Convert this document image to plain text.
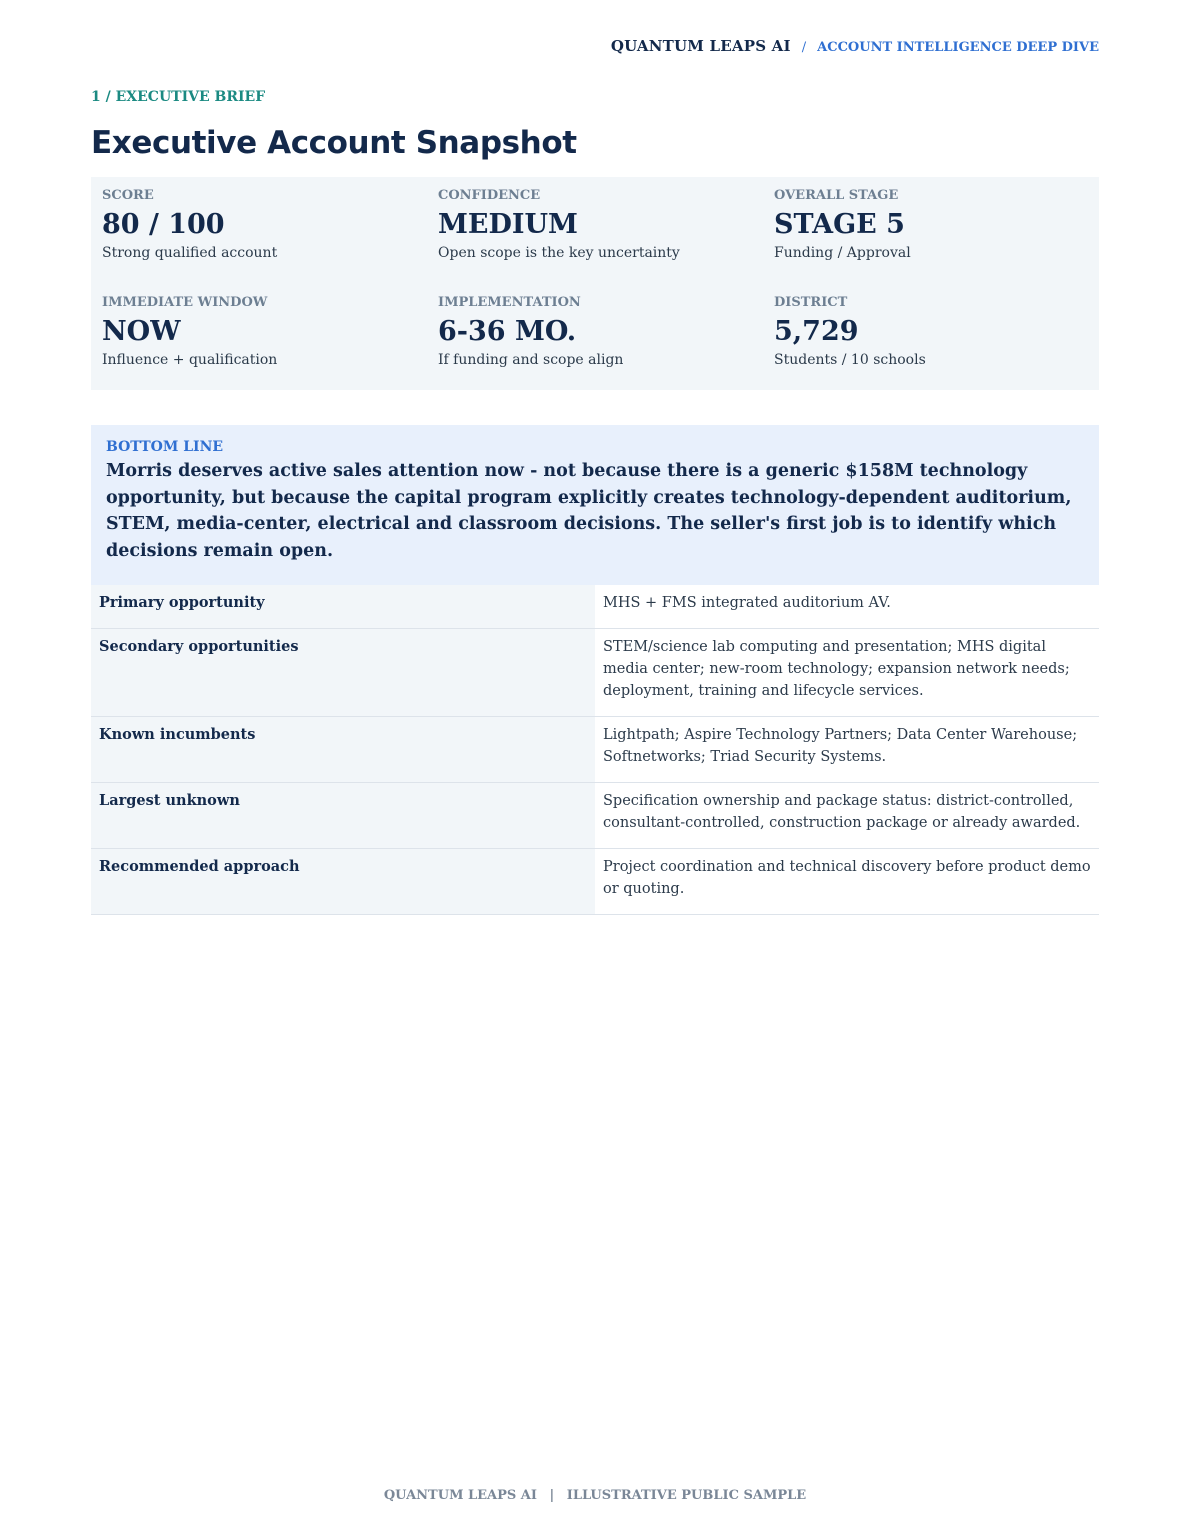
QUANTUM LEAPS AI / ACCOUNT INTELLIGENCE DEEP DIVE
1 / EXECUTIVE BRIEF
Executive Account Snapshot
SCORE
80 / 100
Strong qualified account
CONFIDENCE
MEDIUM
Open scope is the key uncertainty
OVERALL STAGE
STAGE 5
Funding / Approval
IMMEDIATE WINDOW
NOW
Influence + qualification
IMPLEMENTATION
6-36 MO.
If funding and scope align
DISTRICT
5,729
Students / 10 schools
BOTTOM LINE
Morris deserves active sales attention now - not because there is a generic $158M technology opportunity, but because the capital program explicitly creates technology-dependent auditorium, STEM, media-center, electrical and classroom decisions. The seller's first job is to identify which decisions remain open.
Primary opportunity	MHS + FMS integrated auditorium AV.
Secondary opportunities	STEM/science lab computing and presentation; MHS digital media center; new-room technology; expansion network needs; deployment, training and lifecycle services.
Known incumbents	Lightpath; Aspire Technology Partners; Data Center Warehouse; Softnetworks; Triad Security Systems.
Largest unknown	Specification ownership and package status: district-controlled, consultant-controlled, construction package or already awarded.
Recommended approach	Project coordination and technical discovery before product demo or quoting.
QUANTUM LEAPS AI | ILLUSTRATIVE PUBLIC SAMPLE
